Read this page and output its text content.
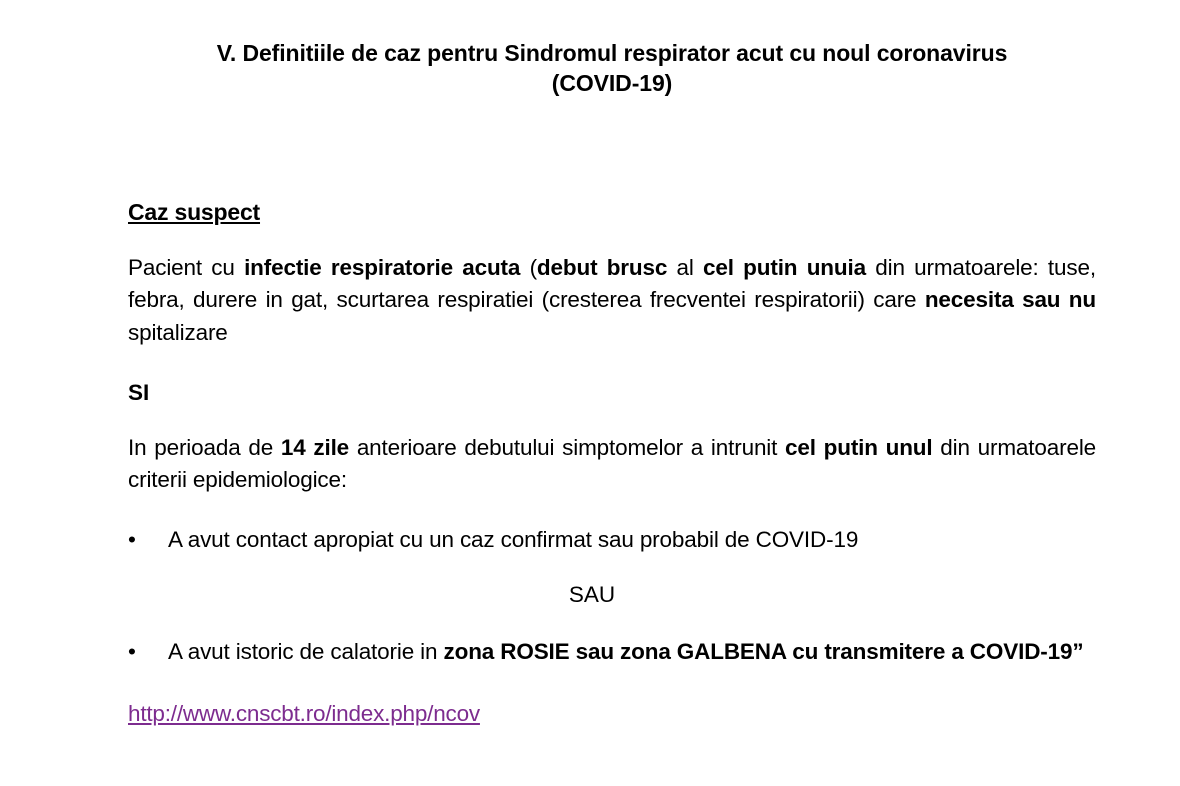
V. Definitiile de caz pentru Sindromul respirator acut cu noul coronavirus
(COVID-19)
Caz suspect

Pacient cu infectie respiratorie acuta (debut brusc al cel putin unuia din urmatoarele: tuse, febra, durere in gat, scurtarea respiratiei (cresterea frecventei respiratorii) care necesita sau nu spitalizare

SI

In perioada de 14 zile anterioare debutului simptomelor a intrunit cel putin unul din urmatoarele criterii epidemiologice:

•	A avut contact apropiat cu un caz confirmat sau probabil de COVID-19

SAU

• A avut istoric de calatorie in zona ROSIE sau zona GALBENA cu transmitere a COVID-19”

http://www.cnscbt.ro/index.php/ncov
